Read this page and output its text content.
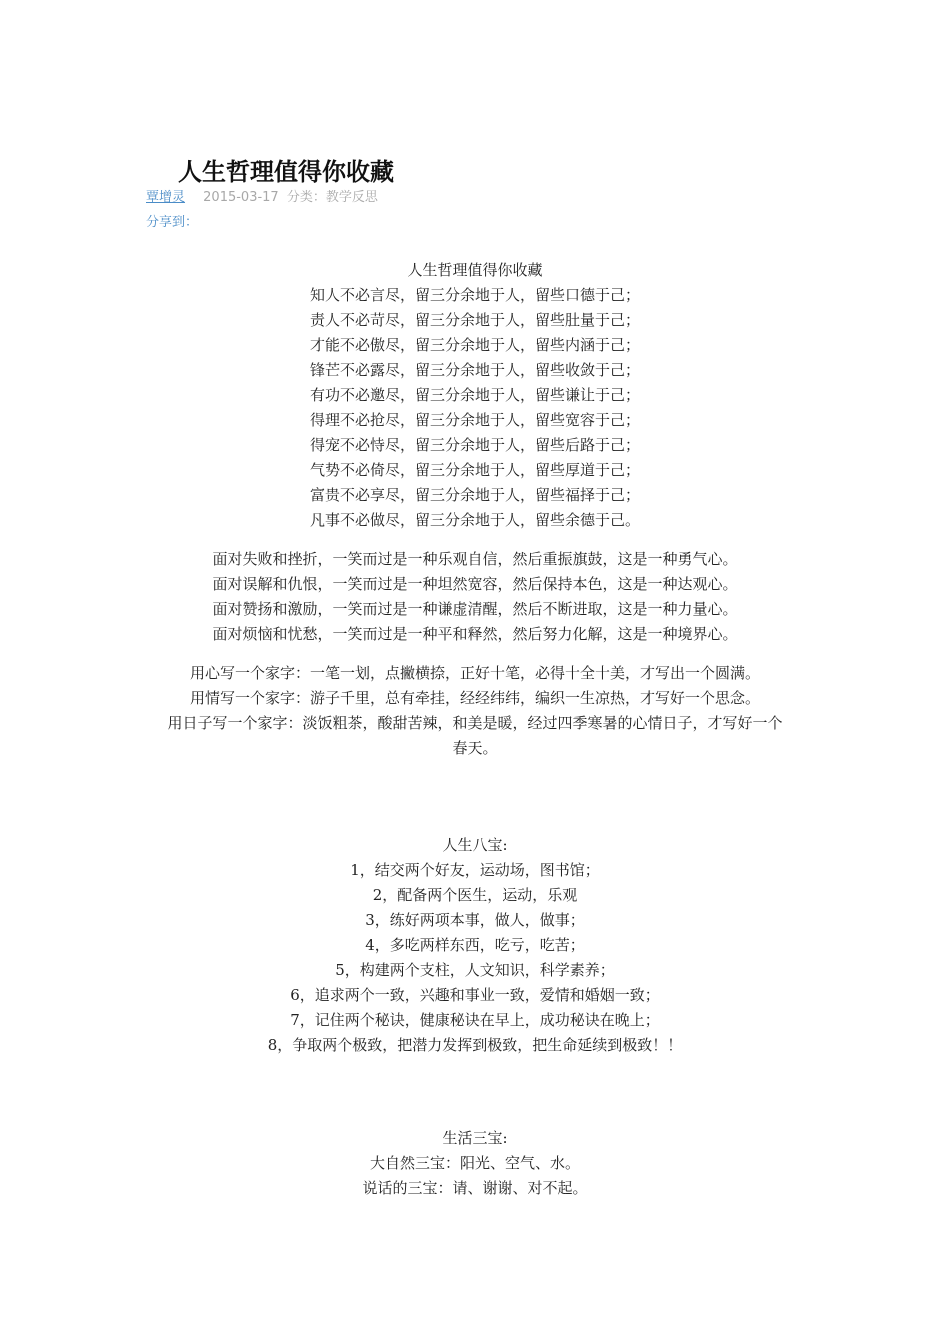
人生哲理值得你收藏
覃增灵 2015-03-17 分类：教学反思
分享到：

人生哲理值得你收藏

知人不必言尽，留三分余地于人，留些口德于己；

责人不必苛尽，留三分余地于人，留些肚量于己；

才能不必傲尽，留三分余地于人，留些内涵于己；

锋芒不必露尽，留三分余地于人，留些收敛于己；

有功不必邀尽，留三分余地于人，留些谦让于己；

得理不必抢尽，留三分余地于人，留些宽容于己；

得宠不必恃尽，留三分余地于人，留些后路于己；

气势不必倚尽，留三分余地于人，留些厚道于己；

富贵不必享尽，留三分余地于人，留些福择于己；

凡事不必做尽，留三分余地于人，留些余德于己。

面对失败和挫折，一笑而过是一种乐观自信，然后重振旗鼓，这是一种勇气心。

面对误解和仇恨，一笑而过是一种坦然宽容，然后保持本色，这是一种达观心。

面对赞扬和激励，一笑而过是一种谦虚清醒，然后不断进取，这是一种力量心。

面对烦恼和忧愁，一笑而过是一种平和释然，然后努力化解，这是一种境界心。

用心写一个家字：一笔一划，点撇横捺，正好十笔，必得十全十美，才写出一个圆满。

用情写一个家字：游子千里，总有牵挂，经经纬纬，编织一生凉热，才写好一个思念。

用日子写一个家字：淡饭粗茶，酸甜苦辣，和美是暖，经过四季寒暑的心情日子，才写好一个

春天。

人生八宝:

1，结交两个好友，运动场，图书馆；

2，配备两个医生，运动，乐观

3，练好两项本事，做人，做事；

4，多吃两样东西，吃亏，吃苦；

5，构建两个支柱，人文知识，科学素养；

6，追求两个一致，兴趣和事业一致，爱情和婚姻一致；

7，记住两个秘诀，健康秘诀在早上，成功秘诀在晚上；

8，争取两个极致，把潜力发挥到极致，把生命延续到极致！！

生活三宝:

大自然三宝：阳光、空气、水。

说话的三宝：请、谢谢、对不起。
